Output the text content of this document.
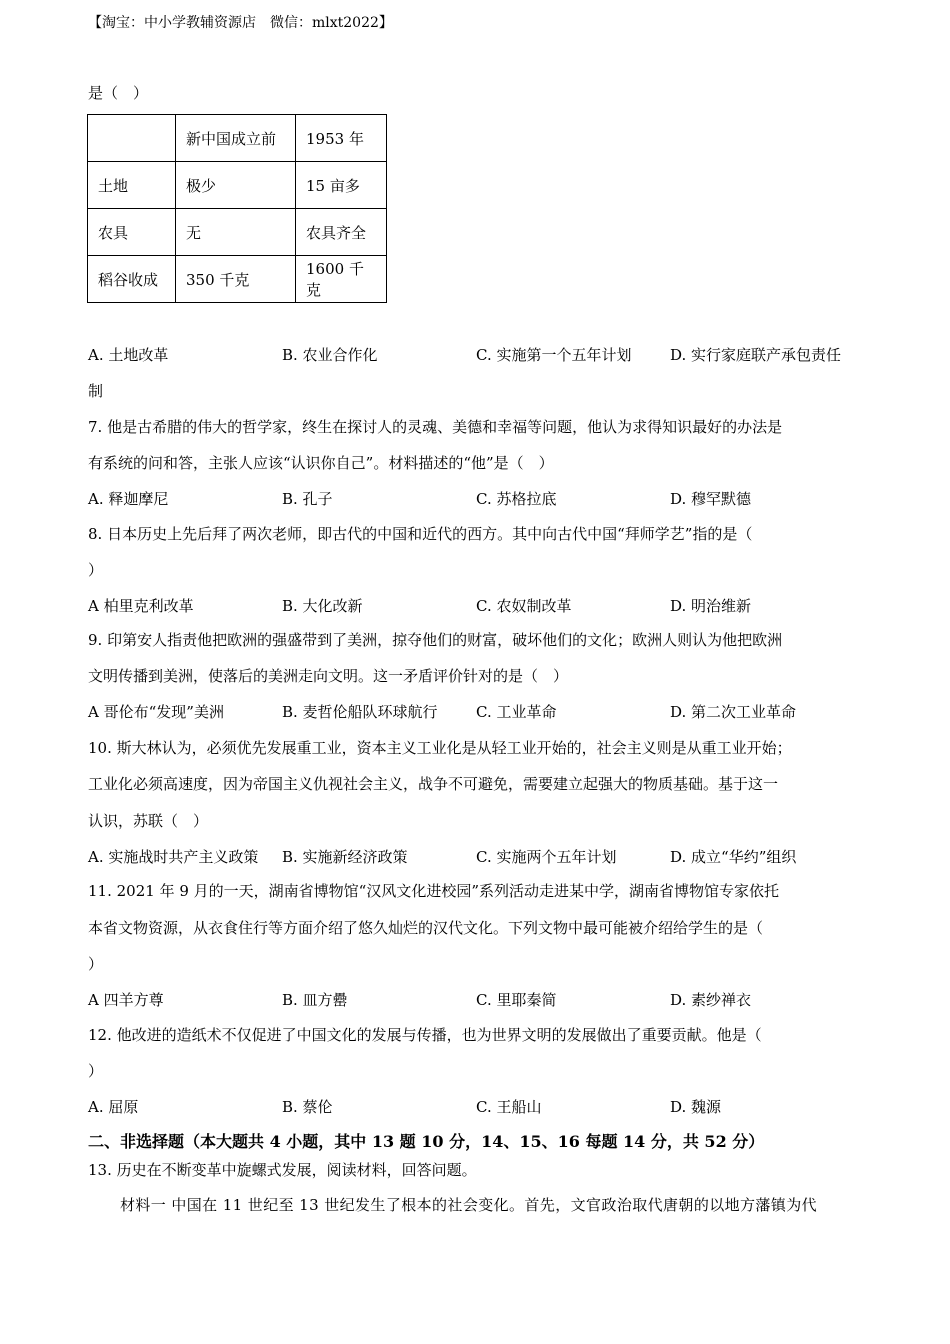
【淘宝：中小学教辅资源店　微信：mlxt2022】
是（　）
	新中国成立前	1953 年
土地	极少	15 亩多
农具	无	农具齐全
稻谷收成	350 千克	1600 千克
A. 土地改革	B. 农业合作化	C. 实施第一个五年计划	D. 实行家庭联产承包责任
制
7. 他是古希腊的伟大的哲学家，终生在探讨人的灵魂、美德和幸福等问题，他认为求得知识最好的办法是
有系统的问和答，主张人应该“认识你自己”。材料描述的“他”是（　）
A. 释迦摩尼	B. 孔子	C. 苏格拉底	D. 穆罕默德
8. 日本历史上先后拜了两次老师，即古代的中国和近代的西方。其中向古代中国“拜师学艺”指的是（
）
A 柏里克利改革	B. 大化改新	C. 农奴制改革	D. 明治维新
9. 印第安人指责他把欧洲的强盛带到了美洲，掠夺他们的财富，破坏他们的文化；欧洲人则认为他把欧洲
文明传播到美洲，使落后的美洲走向文明。这一矛盾评价针对的是（　）
A 哥伦布“发现”美洲	B. 麦哲伦船队环球航行	C. 工业革命	D. 第二次工业革命
10. 斯大林认为，必须优先发展重工业，资本主义工业化是从轻工业开始的，社会主义则是从重工业开始；
工业化必须高速度，因为帝国主义仇视社会主义，战争不可避免，需要建立起强大的物质基础。基于这一
认识，苏联（　）
A. 实施战时共产主义政策 B. 实施新经济政策	C. 实施两个五年计划	D. 成立“华约”组织
11. 2021 年 9 月的一天，湖南省博物馆“汉风文化进校园”系列活动走进某中学，湖南省博物馆专家依托
本省文物资源，从衣食住行等方面介绍了悠久灿烂的汉代文化。下列文物中最可能被介绍给学生的是（
）
A 四羊方尊	B. 皿方罍	C. 里耶秦简	D. 素纱禅衣
12. 他改进的造纸术不仅促进了中国文化的发展与传播，也为世界文明的发展做出了重要贡献。他是（
）
A. 屈原	B. 蔡伦	C. 王船山	D. 魏源
二、非选择题（本大题共 4 小题，其中 13 题 10 分，14、15、16 每题 14 分，共 52 分）
13. 历史在不断变革中旋螺式发展，阅读材料，回答问题。
材料一 中国在 11 世纪至 13 世纪发生了根本的社会变化。首先，文官政治取代唐朝的以地方藩镇为代
